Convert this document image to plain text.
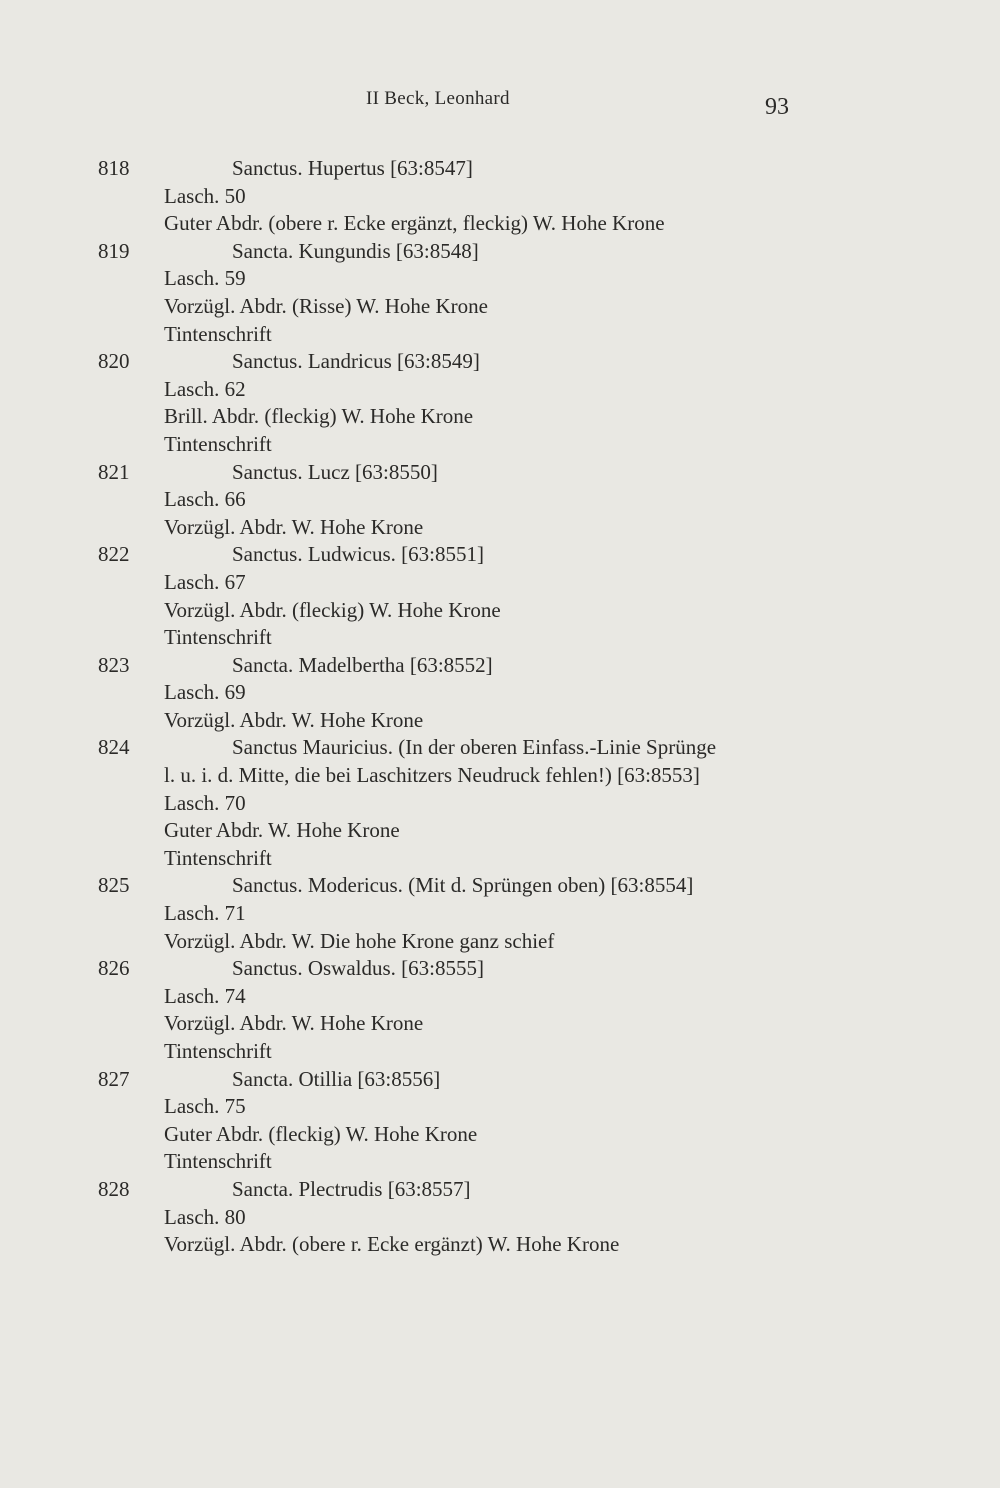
II Beck, Leonhard	93
818	Sanctus. Hupertus [63:8547]
Lasch. 50
Guter Abdr. (obere r. Ecke ergänzt, fleckig) W. Hohe Krone
819	Sancta. Kungundis [63:8548]
Lasch. 59
Vorzügl. Abdr. (Risse) W. Hohe Krone
Tintenschrift
820	Sanctus. Landricus [63:8549]
Lasch. 62
Brill. Abdr. (fleckig) W. Hohe Krone
Tintenschrift
821	Sanctus. Lucz [63:8550]
Lasch. 66
Vorzügl. Abdr. W. Hohe Krone
822	Sanctus. Ludwicus. [63:8551]
Lasch. 67
Vorzügl. Abdr. (fleckig) W. Hohe Krone
Tintenschrift
823	Sancta. Madelbertha [63:8552]
Lasch. 69
Vorzügl. Abdr. W. Hohe Krone
824	Sanctus Mauricius. (In der oberen Einfass.-Linie Sprünge
l. u. i. d. Mitte, die bei Laschitzers Neudruck fehlen!) [63:8553]
Lasch. 70
Guter Abdr. W. Hohe Krone
Tintenschrift
825	Sanctus. Modericus. (Mit d. Sprüngen oben) [63:8554]
Lasch. 71
Vorzügl. Abdr. W. Die hohe Krone ganz schief
826	Sanctus. Oswaldus. [63:8555]
Lasch. 74
Vorzügl. Abdr. W. Hohe Krone
Tintenschrift
827	Sancta. Otillia [63:8556]
Lasch. 75
Guter Abdr. (fleckig) W. Hohe Krone
Tintenschrift
828	Sancta. Plectrudis [63:8557]
Lasch. 80
Vorzügl. Abdr. (obere r. Ecke ergänzt) W. Hohe Krone
